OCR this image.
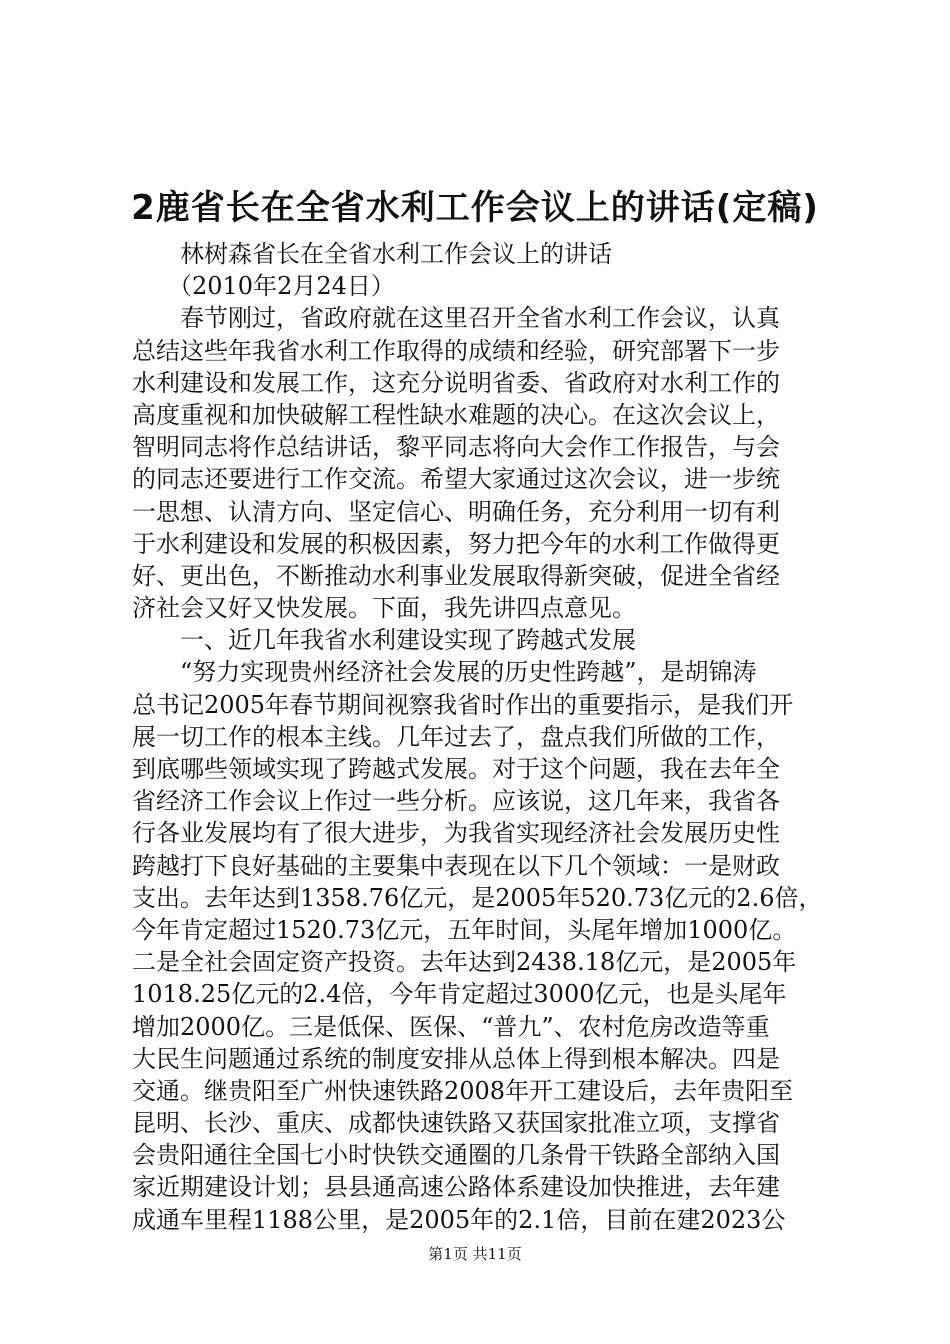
2鹿省长在全省水利工作会议上的讲话(定稿)
　　林树森省长在全省水利工作会议上的讲话
　　（2010年2月24日）
　　春节刚过，省政府就在这里召开全省水利工作会议，认真
总结这些年我省水利工作取得的成绩和经验，研究部署下一步
水利建设和发展工作，这充分说明省委、省政府对水利工作的
高度重视和加快破解工程性缺水难题的决心。在这次会议上，
智明同志将作总结讲话，黎平同志将向大会作工作报告，与会
的同志还要进行工作交流。希望大家通过这次会议，进一步统
一思想、认清方向、坚定信心、明确任务，充分利用一切有利
于水利建设和发展的积极因素，努力把今年的水利工作做得更
好、更出色，不断推动水利事业发展取得新突破，促进全省经
济社会又好又快发展。下面，我先讲四点意见。
　　一、近几年我省水利建设实现了跨越式发展
　　“努力实现贵州经济社会发展的历史性跨越”，是胡锦涛
总书记2005年春节期间视察我省时作出的重要指示，是我们开
展一切工作的根本主线。几年过去了，盘点我们所做的工作，
到底哪些领域实现了跨越式发展。对于这个问题，我在去年全
省经济工作会议上作过一些分析。应该说，这几年来，我省各
行各业发展均有了很大进步，为我省实现经济社会发展历史性
跨越打下良好基础的主要集中表现在以下几个领域：一是财政
支出。去年达到1358.76亿元，是2005年520.73亿元的2.6倍，
今年肯定超过1520.73亿元，五年时间，头尾年增加1000亿。
二是全社会固定资产投资。去年达到2438.18亿元，是2005年
1018.25亿元的2.4倍，今年肯定超过3000亿元，也是头尾年
增加2000亿。三是低保、医保、“普九”、农村危房改造等重
大民生问题通过系统的制度安排从总体上得到根本解决。四是
交通。继贵阳至广州快速铁路2008年开工建设后，去年贵阳至
昆明、长沙、重庆、成都快速铁路又获国家批准立项，支撑省
会贵阳通往全国七小时快铁交通圈的几条骨干铁路全部纳入国
家近期建设计划；县县通高速公路体系建设加快推进，去年建
成通车里程1188公里，是2005年的2.1倍，目前在建2023公
第1页 共11页
